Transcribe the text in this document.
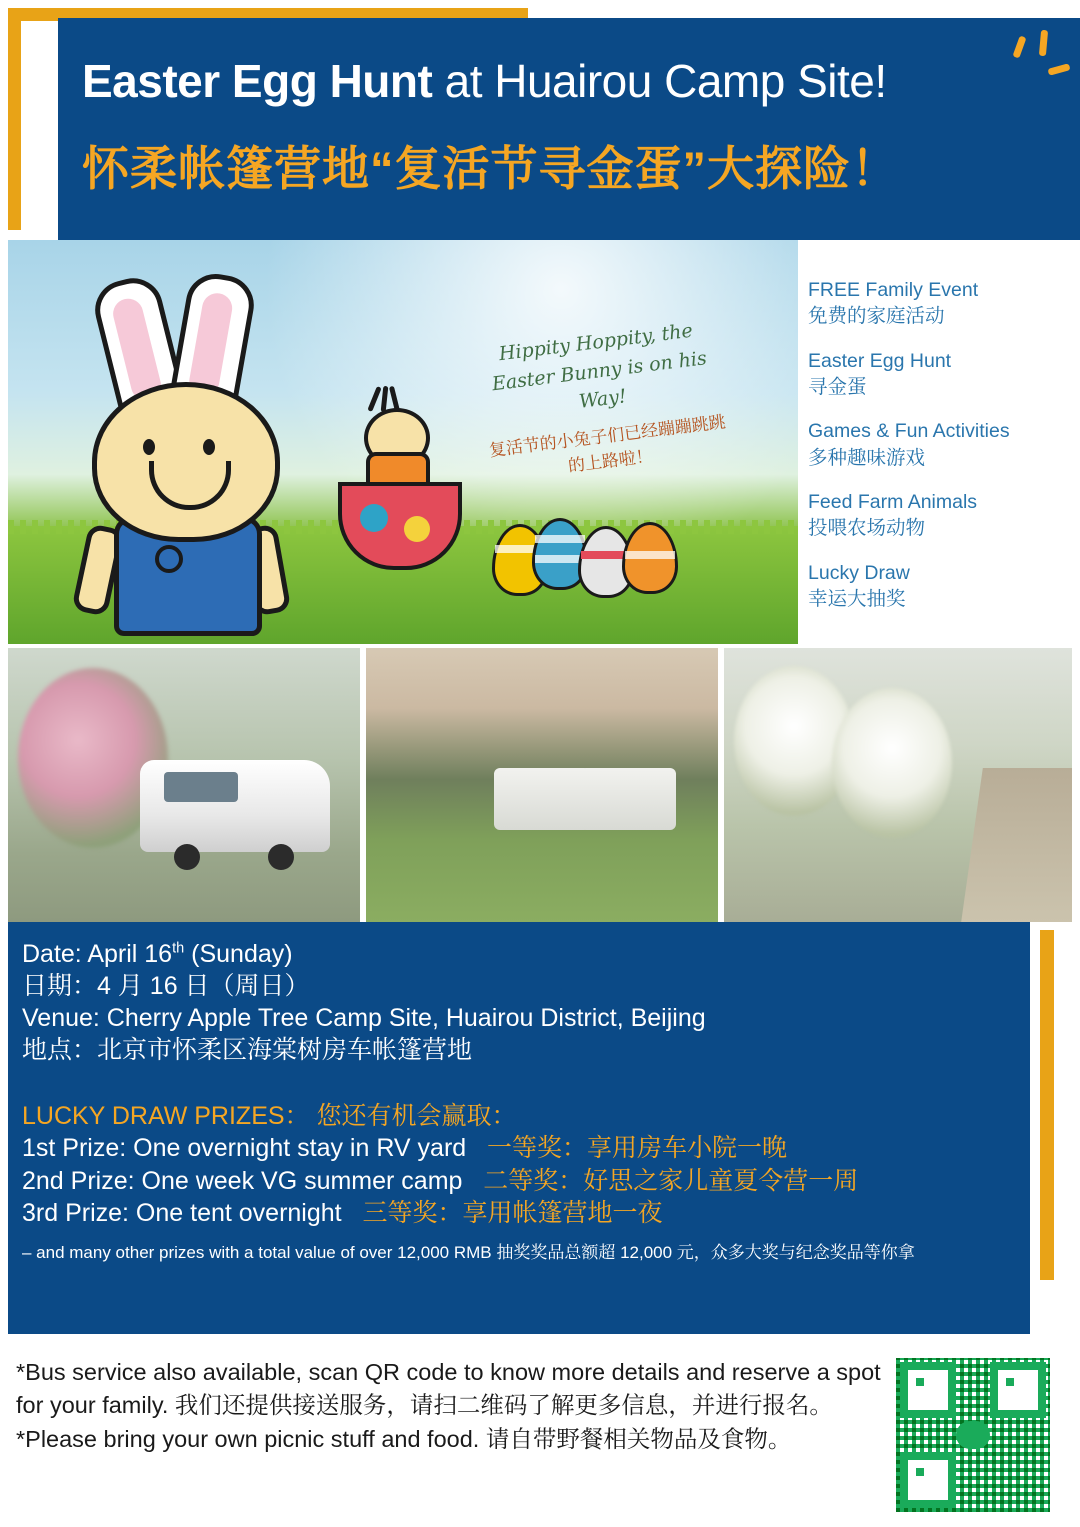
Easter Egg Hunt at Huairou Camp Site!
怀柔帐篷营地“复活节寻金蛋”大探险！
Hippity Hoppity, the Easter Bunny is on his Way!
复活节的小兔子们已经蹦蹦跳跳的上路啦！
FREE Family Event
免费的家庭活动
Easter Egg Hunt
寻金蛋
Games & Fun Activities
多种趣味游戏
Feed Farm Animals
投喂农场动物
Lucky Draw
幸运大抽奖
Date: April 16th (Sunday)
日期：4 月 16 日（周日）
Venue: Cherry Apple Tree Camp Site, Huairou District, Beijing
地点：北京市怀柔区海棠树房车帐篷营地
LUCKY DRAW PRIZES： 您还有机会赢取：
1st Prize: One overnight stay in RV yard 一等奖：享用房车小院一晚
2nd Prize: One week VG summer camp 二等奖：好思之家儿童夏令营一周
3rd Prize: One tent overnight 三等奖：享用帐篷营地一夜
– and many other prizes with a total value of over 12,000 RMB 抽奖奖品总额超 12,000 元，众多大奖与纪念奖品等你拿
*Bus service also available, scan QR code to know more details and reserve a spot for your family. 我们还提供接送服务，请扫二维码了解更多信息，并进行报名。
*Please bring your own picnic stuff and food. 请自带野餐相关物品及食物。
